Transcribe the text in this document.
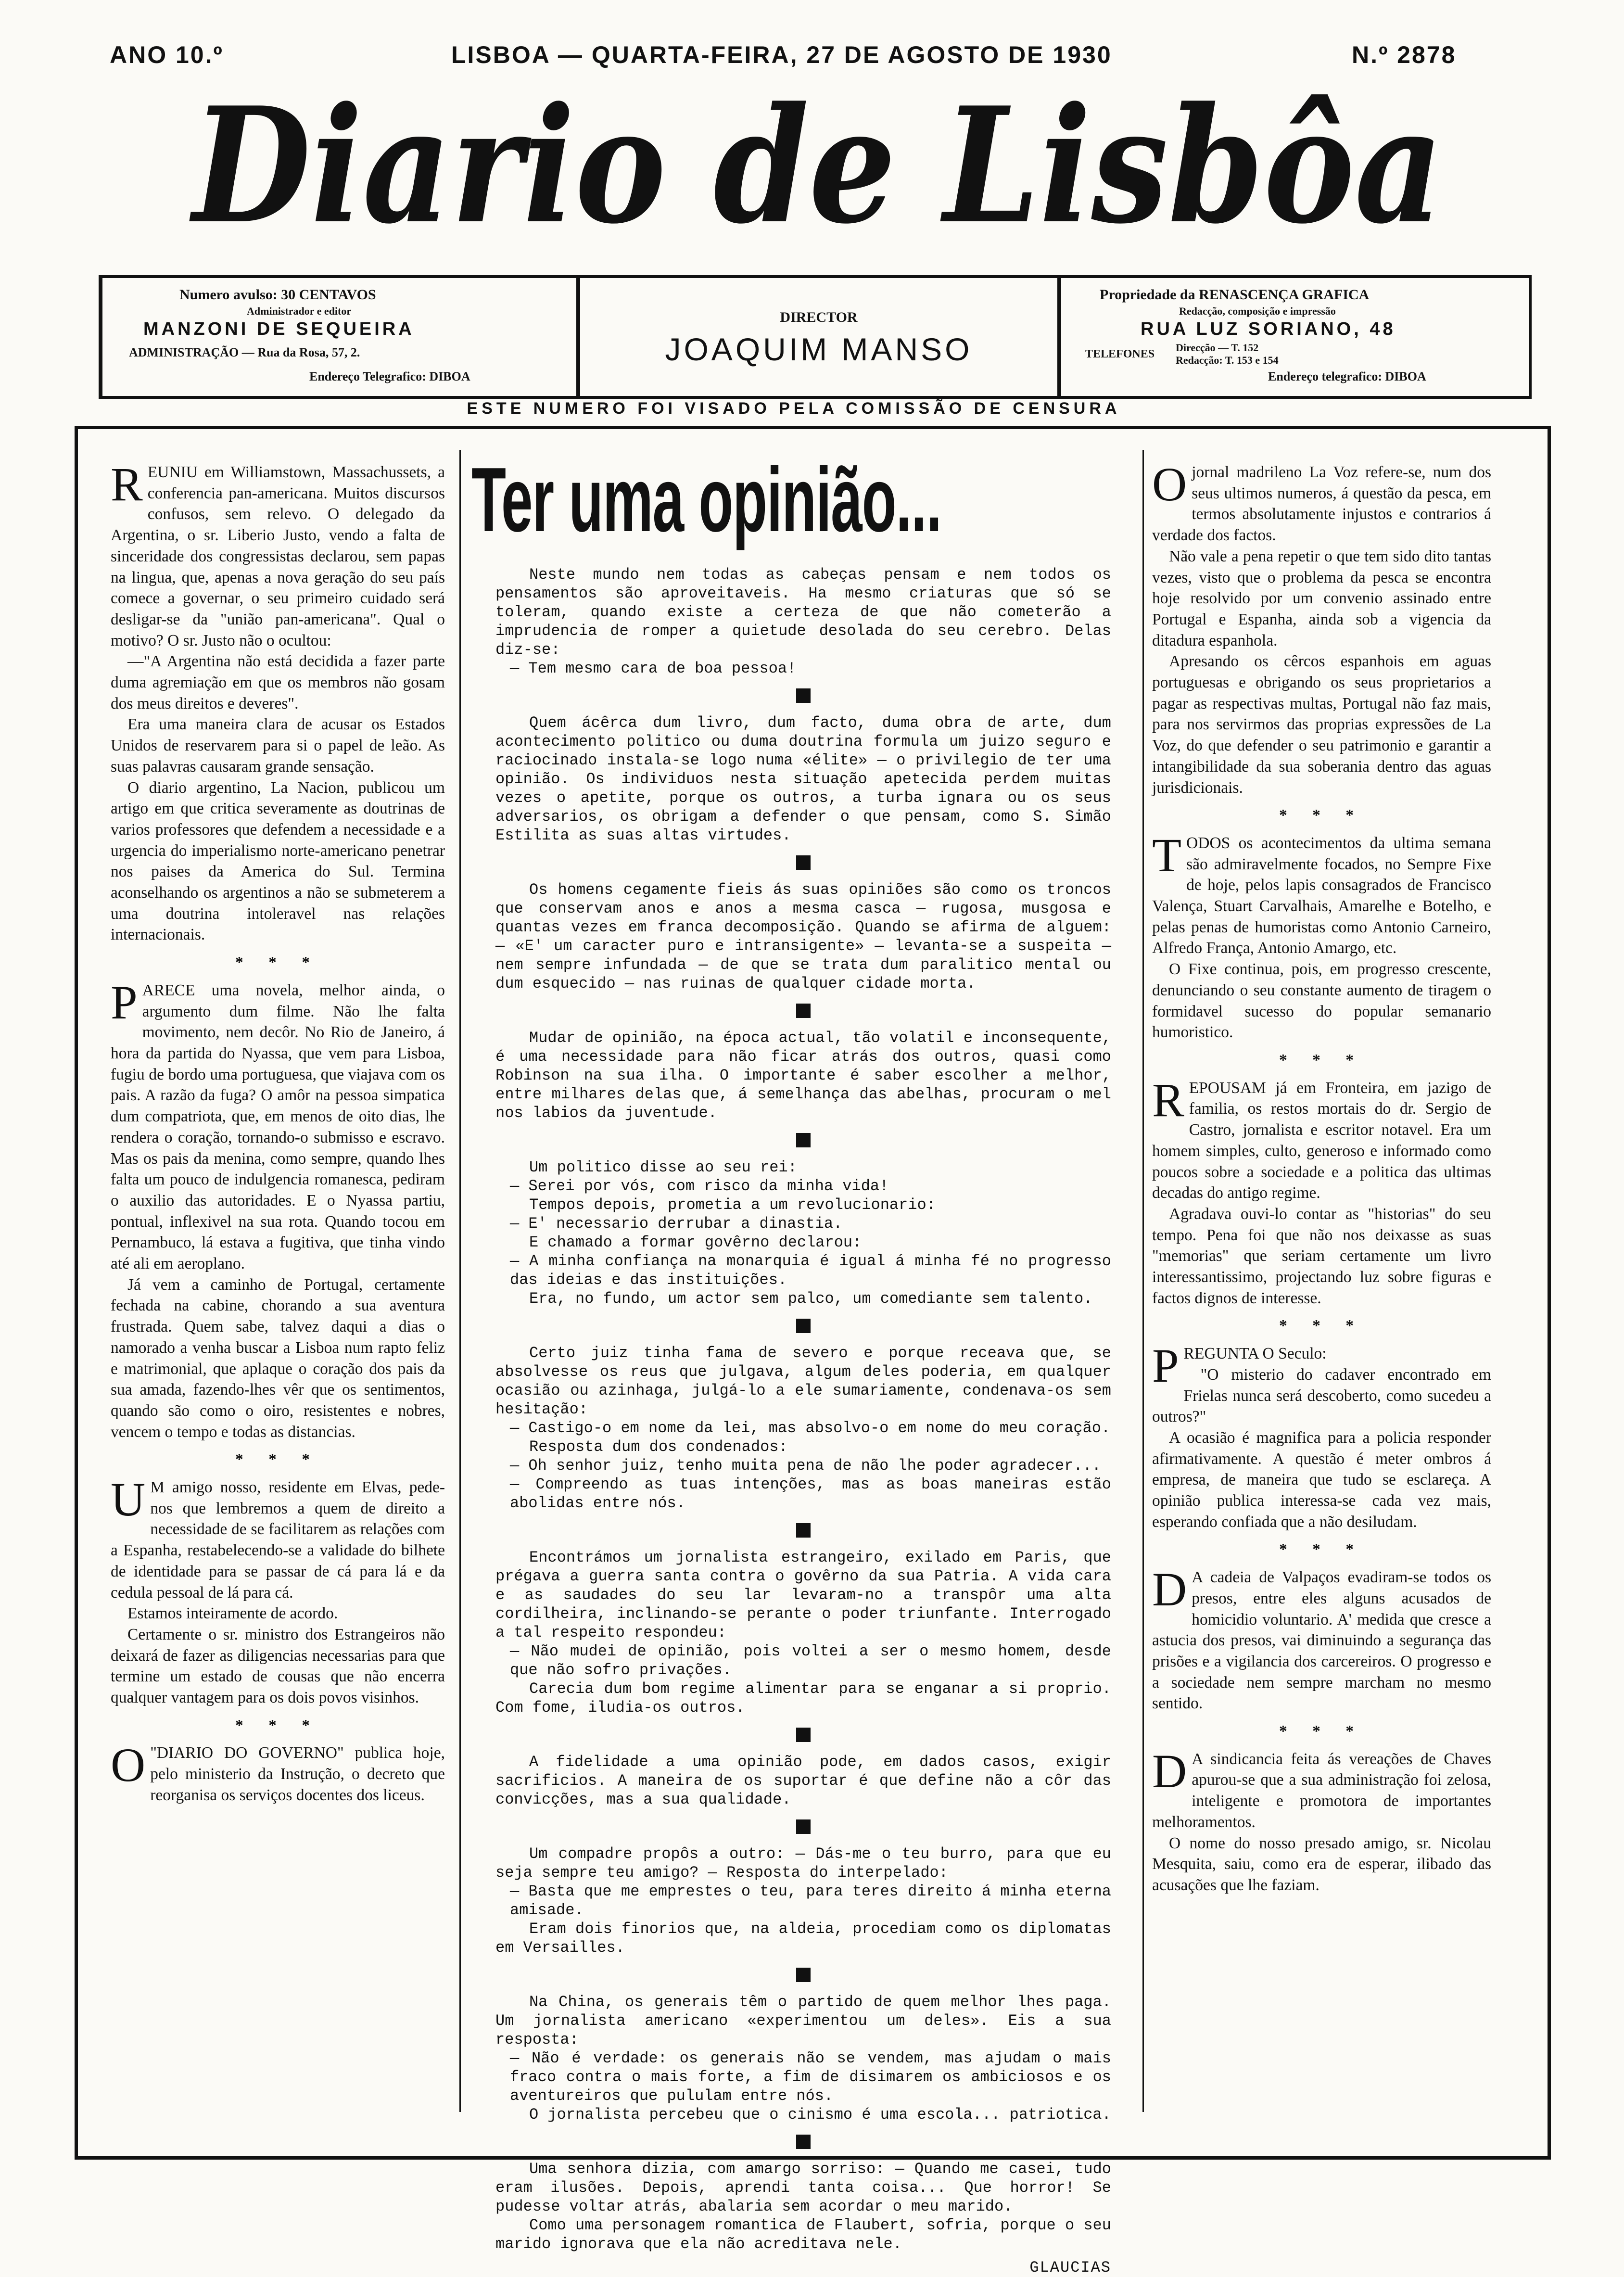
ANO 10.º	LISBOA — QUARTA-FEIRA, 27 DE AGOSTO DE 1930	N.º 2878
Diario de Lisbôa
Numero avulso: 30 CENTAVOS
Administrador e editor
MANZONI DE SEQUEIRA
ADMINISTRAÇÃO — Rua da Rosa, 57, 2.
Endereço Telegrafico: DIBOA
DIRECTOR
JOAQUIM MANSO
Propriedade da RENASCENÇA GRAFICA
Redacção, composição e impressão
RUA LUZ SORIANO, 48
TELEFONES
Direcção — T. 152
Redacção: T. 153 e 154
Endereço telegrafico: DIBOA
ESTE NUMERO FOI VISADO PELA COMISSÃO DE CENSURA

REUNIU em Williamstown, Massachussets, a conferencia pan-americana. Muitos discursos confusos, sem relevo. O delegado da Argentina, o sr. Liberio Justo, vendo a falta de sinceridade dos congressistas declarou, sem papas na lingua, que, apenas a nova geração do seu país comece a governar, o seu primeiro cuidado será desligar-se da "união pan-americana". Qual o motivo? O sr. Justo não o ocultou:

—"A Argentina não está decidida a fazer parte duma agremiação em que os membros não gosam dos meus direitos e deveres".

Era uma maneira clara de acusar os Estados Unidos de reservarem para si o papel de leão. As suas palavras causaram grande sensação.

O diario argentino, La Nacion, publicou um artigo em que critica severamente as doutrinas de varios professores que defendem a necessidade e a urgencia do imperialismo norte-americano penetrar nos paises da America do Sul. Termina aconselhando os argentinos a não se submeterem a uma doutrina intoleravel nas relações internacionais.

* * *

PARECE uma novela, melhor ainda, o argumento dum filme. Não lhe falta movimento, nem decôr. No Rio de Janeiro, á hora da partida do Nyassa, que vem para Lisboa, fugiu de bordo uma portuguesa, que viajava com os pais. A razão da fuga? O amôr na pessoa simpatica dum compatriota, que, em menos de oito dias, lhe rendera o coração, tornando-o submisso e escravo. Mas os pais da menina, como sempre, quando lhes falta um pouco de indulgencia romanesca, pediram o auxilio das autoridades. E o Nyassa partiu, pontual, inflexivel na sua rota. Quando tocou em Pernambuco, lá estava a fugitiva, que tinha vindo até ali em aeroplano.

Já vem a caminho de Portugal, certamente fechada na cabine, chorando a sua aventura frustrada. Quem sabe, talvez daqui a dias o namorado a venha buscar a Lisboa num rapto feliz e matrimonial, que aplaque o coração dos pais da sua amada, fazendo-lhes vêr que os sentimentos, quando são como o oiro, resistentes e nobres, vencem o tempo e todas as distancias.

* * *

U M amigo nosso, residente em Elvas, pede-nos que lembremos a quem de direito a necessidade de se facilitarem as relações com a Espanha, restabelecendo-se a validade do bilhete de identidade para se passar de cá para lá e da cedula pessoal de lá para cá.

Estamos inteiramente de acordo.

Certamente o sr. ministro dos Estrangeiros não deixará de fazer as diligencias necessarias para que termine um estado de cousas que não encerra qualquer vantagem para os dois povos visinhos.

* * *

O "DIARIO DO GOVERNO" publica hoje, pelo ministerio da Instrução, o decreto que reorganisa os serviços docentes dos liceus.

Ter uma opinião...

Neste mundo nem todas as cabeças pensam e nem todos os pensamentos são aproveitaveis. Ha mesmo criaturas que só se toleram, quando existe a certeza de que não cometerão a imprudencia de romper a quietude desolada do seu cerebro. Delas diz-se:

— Tem mesmo cara de boa pessoa!

Quem ácêrca dum livro, dum facto, duma obra de arte, dum acontecimento politico ou duma doutrina formula um juizo seguro e raciocinado instala-se logo numa «élite» — o privilegio de ter uma opinião. Os individuos nesta situação apetecida perdem muitas vezes o apetite, porque os outros, a turba ignara ou os seus adversarios, os obrigam a defender o que pensam, como S. Simão Estilita as suas altas virtudes.

Os homens cegamente fieis ás suas opiniões são como os troncos que conservam anos e anos a mesma casca — rugosa, musgosa e quantas vezes em franca decomposição. Quando se afirma de alguem: — «E' um caracter puro e intransigente» — levanta-se a suspeita — nem sempre infundada — de que se trata dum paralitico mental ou dum esquecido — nas ruinas de qualquer cidade morta.

Mudar de opinião, na época actual, tão volatil e inconsequente, é uma necessidade para não ficar atrás dos outros, quasi como Robinson na sua ilha. O importante é saber escolher a melhor, entre milhares delas que, á semelhança das abelhas, procuram o mel nos labios da juventude.

Um politico disse ao seu rei:

— Serei por vós, com risco da minha vida!

Tempos depois, prometia a um revolucionario:

— E' necessario derrubar a dinastia.

E chamado a formar govêrno declarou:

— A minha confiança na monarquia é igual á minha fé no progresso das ideias e das instituições.

Era, no fundo, um actor sem palco, um comediante sem talento.

Certo juiz tinha fama de severo e porque receava que, se absolvesse os reus que julgava, algum deles poderia, em qualquer ocasião ou azinhaga, julgá-lo a ele sumariamente, condenava-os sem hesitação:

— Castigo-o em nome da lei, mas absolvo-o em nome do meu coração.

Resposta dum dos condenados:

— Oh senhor juiz, tenho muita pena de não lhe poder agradecer...

— Compreendo as tuas intenções, mas as boas maneiras estão abolidas entre nós.

Encontrámos um jornalista estrangeiro, exilado em Paris, que prégava a guerra santa contra o govêrno da sua Patria. A vida cara e as saudades do seu lar levaram-no a transpôr uma alta cordilheira, inclinando-se perante o poder triunfante. Interrogado a tal respeito respondeu:

— Não mudei de opinião, pois voltei a ser o mesmo homem, desde que não sofro privações.

Carecia dum bom regime alimentar para se enganar a si proprio. Com fome, iludia-os outros.

A fidelidade a uma opinião pode, em dados casos, exigir sacrificios. A maneira de os suportar é que define não a côr das convicções, mas a sua qualidade.

Um compadre propôs a outro: — Dás-me o teu burro, para que eu seja sempre teu amigo? — Resposta do interpelado:

— Basta que me emprestes o teu, para teres direito á minha eterna amisade.

Eram dois finorios que, na aldeia, procediam como os diplomatas em Versailles.

Na China, os generais têm o partido de quem melhor lhes paga. Um jornalista americano «experimentou um deles». Eis a sua resposta:

— Não é verdade: os generais não se vendem, mas ajudam o mais fraco contra o mais forte, a fim de disimarem os ambiciosos e os aventureiros que pululam entre nós.

O jornalista percebeu que o cinismo é uma escola... patriotica.

Uma senhora dizia, com amargo sorriso: — Quando me casei, tudo eram ilusões. Depois, aprendi tanta coisa... Que horror! Se pudesse voltar atrás, abalaria sem acordar o meu marido.

Como uma personagem romantica de Flaubert, sofria, porque o seu marido ignorava que ela não acreditava nele.

GLAUCIAS

Ojornal madrileno La Voz refere-se, num dos seus ultimos numeros, á questão da pesca, em termos absolutamente injustos e contrarios á verdade dos factos.

Não vale a pena repetir o que tem sido dito tantas vezes, visto que o problema da pesca se encontra hoje resolvido por um convenio assinado entre Portugal e Espanha, ainda sob a vigencia da ditadura espanhola.

Apresando os cêrcos espanhois em aguas portuguesas e obrigando os seus proprietarios a pagar as respectivas multas, Portugal não faz mais, para nos servirmos das proprias expressões de La Voz, do que defender o seu patrimonio e garantir a intangibilidade da sua soberania dentro das aguas jurisdicionais.

* * *

TODOS os acontecimentos da ultima semana são admiravelmente focados, no Sempre Fixe de hoje, pelos lapis consagrados de Francisco Valença, Stuart Carvalhais, Amarelhe e Botelho, e pelas penas de humoristas como Antonio Carneiro, Alfredo França, Antonio Amargo, etc.

O Fixe continua, pois, em progresso crescente, denunciando o seu constante aumento de tiragem o formidavel sucesso do popular semanario humoristico.

* * *

REPOUSAM já em Fronteira, em jazigo de familia, os restos mortais do dr. Sergio de Castro, jornalista e escritor notavel. Era um homem simples, culto, generoso e informado como poucos sobre a sociedade e a politica das ultimas decadas do antigo regime.

Agradava ouvi-lo contar as "historias" do seu tempo. Pena foi que não nos deixasse as suas "memorias" que seriam certamente um livro interessantissimo, projectando luz sobre figuras e factos dignos de interesse.

* * *

PREGUNTA O Seculo:

"O misterio do cadaver encontrado em Frielas nunca será descoberto, como sucedeu a outros?"

A ocasião é magnifica para a policia responder afirmativamente. A questão é meter ombros á empresa, de maneira que tudo se esclareça. A opinião publica interessa-se cada vez mais, esperando confiada que a não desiludam.

* * *

D A cadeia de Valpaços evadiram-se todos os presos, entre eles alguns acusados de homicidio voluntario. A' medida que cresce a astucia dos presos, vai diminuindo a segurança das prisões e a vigilancia dos carcereiros. O progresso e a sociedade nem sempre marcham no mesmo sentido.

* * *

D A sindicancia feita ás vereações de Chaves apurou-se que a sua administração foi zelosa, inteligente e promotora de importantes melhoramentos.

O nome do nosso presado amigo, sr. Nicolau Mesquita, saiu, como era de esperar, ilibado das acusações que lhe faziam.
